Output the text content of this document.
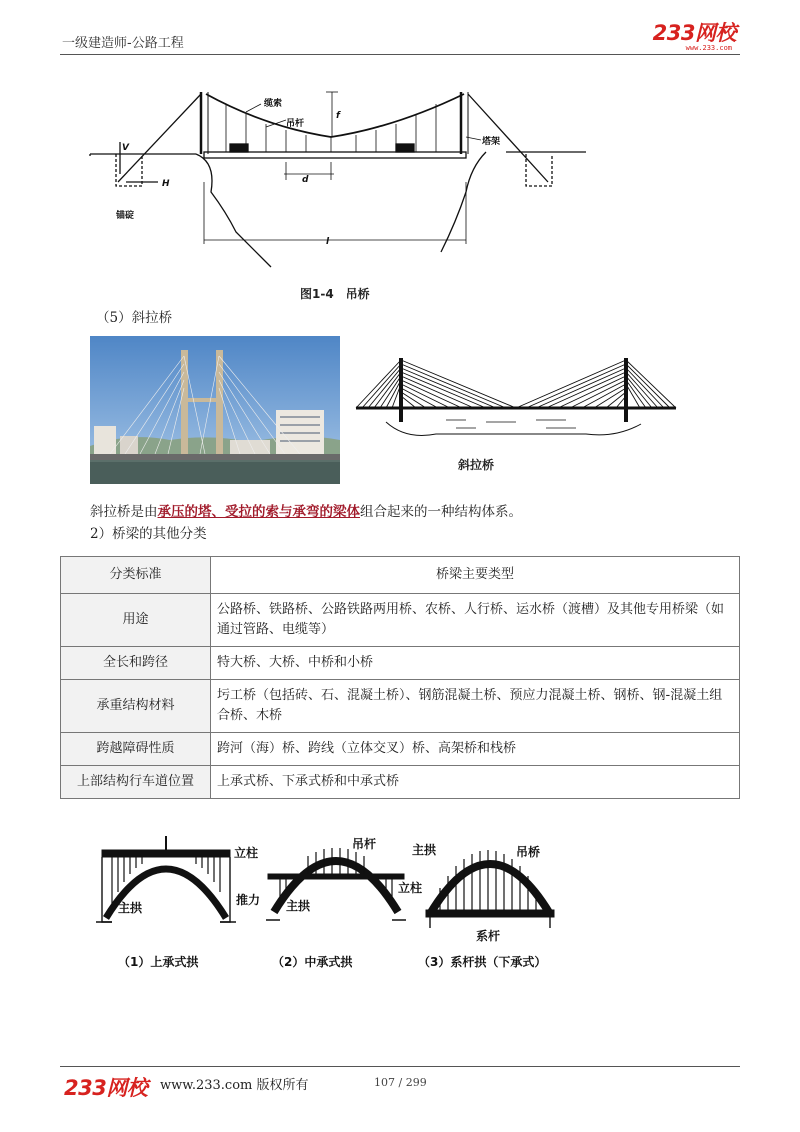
一级建造师-公路工程	233网校
www.233.com
缆索
吊杆
塔架
锚碇
V
H
f
d
l
图1-4　吊桥
（5）斜拉桥
斜拉桥
斜拉桥是由承压的塔、受拉的索与承弯的梁体组合起来的一种结构体系。
2）桥梁的其他分类
分类标准	桥梁主要类型
用途	公路桥、铁路桥、公路铁路两用桥、农桥、人行桥、运水桥（渡槽）及其他专用桥梁（如通过管路、电缆等）
全长和跨径	特大桥、大桥、中桥和小桥
承重结构材料	圬工桥（包括砖、石、混凝土桥）、钢筋混凝土桥、预应力混凝土桥、钢桥、钢-混凝土组合桥、木桥
跨越障碍性质	跨河（海）桥、跨线（立体交叉）桥、高架桥和栈桥
上部结构行车道位置	上承式桥、下承式桥和中承式桥
立柱
主拱
（1）上承式拱
吊杆
立柱
推力 主拱
（2）中承式拱
主拱	吊桥
系杆
（3）系杆拱（下承式）
233网校 www.233.com 版权所有	107 / 299
